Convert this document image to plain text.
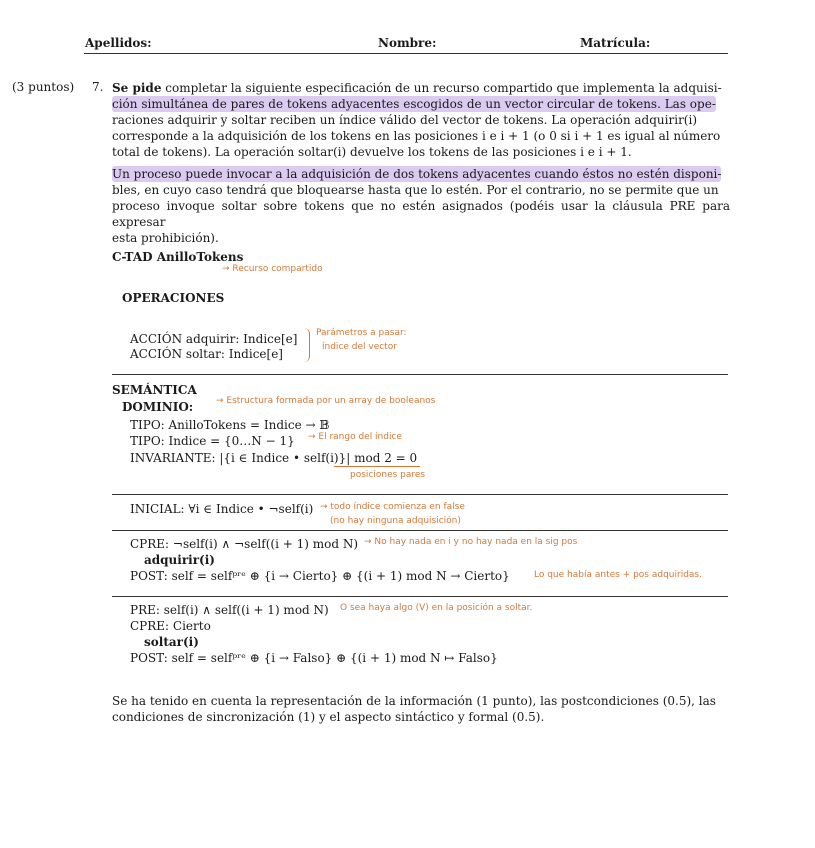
Apellidos:	Nombre:	Matrícula:
(3 puntos) 7. Se pide completar la siguiente especificación de un recurso compartido que implementa la adquisi-

ción simultánea de pares de tokens adyacentes escogidos de un vector circular de tokens. Las ope-

raciones adquirir y soltar reciben un índice válido del vector de tokens. La operación adquirir(i)

corresponde a la adquisición de los tokens en las posiciones i e i + 1 (o 0 si i + 1 es igual al número

total de tokens). La operación soltar(i) devuelve los tokens de las posiciones i e i + 1.

Un proceso puede invocar a la adquisición de dos tokens adyacentes cuando éstos no estén disponi-

bles, en cuyo caso tendrá que bloquearse hasta que lo estén. Por el contrario, no se permite que un

proceso invoque soltar sobre tokens que no estén asignados (podéis usar la cláusula PRE para expresar

esta prohibición).

C-TAD AnilloTokens
→ Recurso compartido
OPERACIONES
ACCIÓN adquirir: Indice[e]
ACCIÓN soltar: Indice[e]
Parámetros a pasar:
índice del vector
SEMÁNTICA
DOMINIO:	→ Estructura formada por un array de booleanos
TIPO: AnilloTokens = Indice → 𝔹
TIPO: Indice = {0…N − 1} → El rango del índice
INVARIANTE: |{i ∈ Indice • self(i)}| mod 2 = 0
posiciones pares
INICIAL: ∀i ∈ Indice • ¬self(i) → todo índice comienza en false
(no hay ninguna adquisición)
CPRE: ¬self(i) ∧ ¬self((i + 1) mod N) → No hay nada en i y no hay nada en la sig pos
adquirir(i)
POST: self = selfᵖʳᵉ ⊕ {i → Cierto} ⊕ {(i + 1) mod N → Cierto}	Lo que había antes + pos adquiridas.
PRE: self(i) ∧ self((i + 1) mod N) O sea haya algo (V) en la posición a soltar.
CPRE: Cierto
soltar(i)
POST: self = selfᵖʳᵉ ⊕ {i → Falso} ⊕ {(i + 1) mod N ↦ Falso}

Se ha tenido en cuenta la representación de la información (1 punto), las postcondiciones (0.5), las

condiciones de sincronización (1) y el aspecto sintáctico y formal (0.5).
